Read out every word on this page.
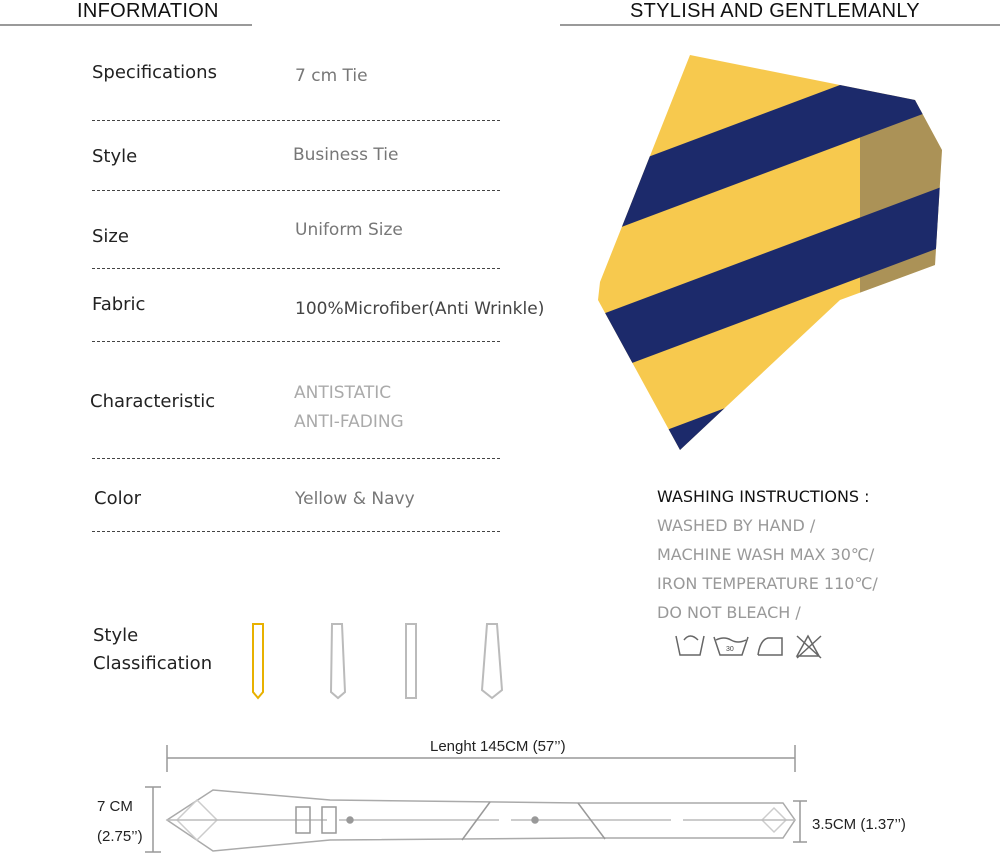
INFORMATION	STYLISH AND GENTLEMANLY
Specifications	7 cm Tie
Style	Business Tie
Size	Uniform Size
Fabric	100%Microfiber(Anti Wrinkle)
Characteristic	ANTISTATIC
ANTI-FADING
Color	Yellow & Navy
Style
Classification
WASHING INSTRUCTIONS :
WASHED BY HAND /
MACHINE WASH MAX 30℃/
IRON TEMPERATURE 110℃/
DO NOT BLEACH /
Lenght 145CM (57’’)
7 CM
(2.75’’)
3.5CM (1.37’’)
30
